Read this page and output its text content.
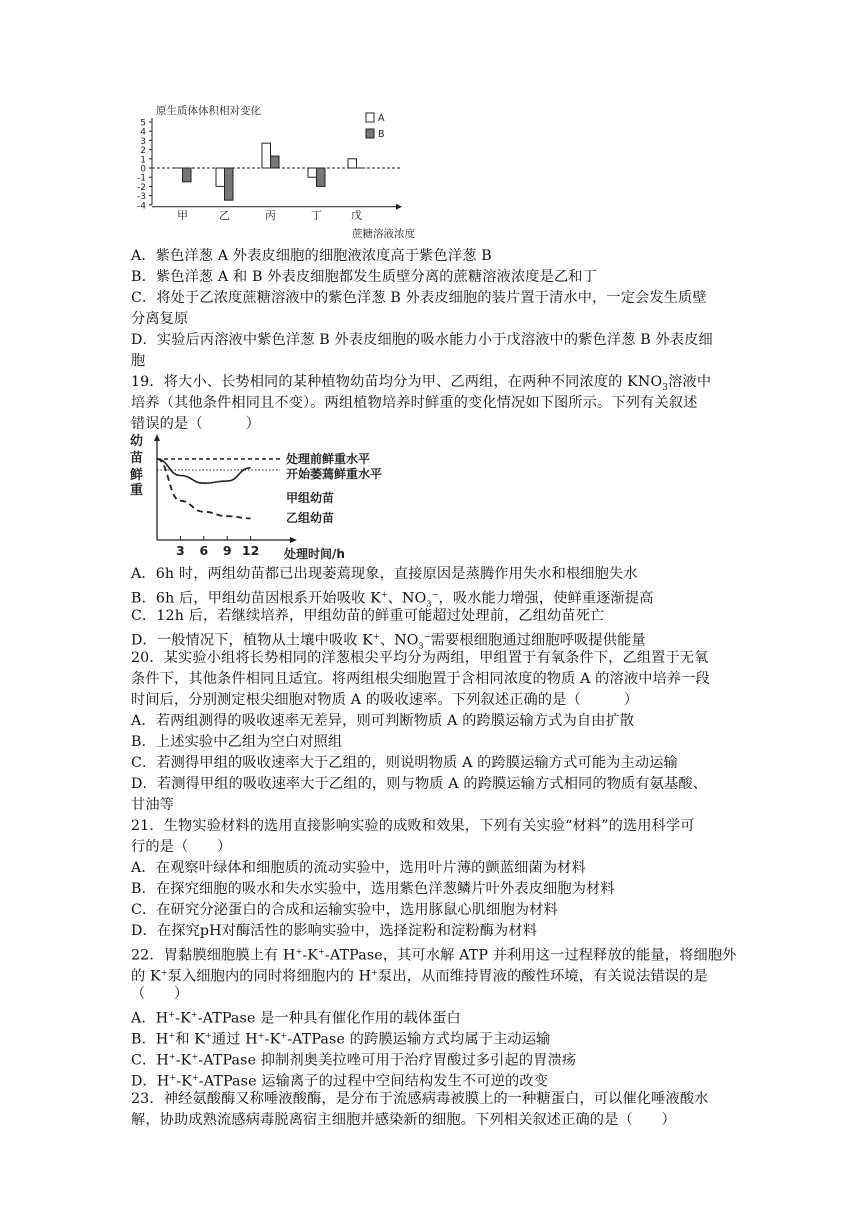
原生质体体积相对变化
5
4
3
2
1
0
-1
-2
-3
-4
蔗糖溶液浓度
甲	乙	丙	丁	戊
A
B
A．紫色洋葱 A 外表皮细胞的细胞液浓度高于紫色洋葱 B
B．紫色洋葱 A 和 B 外表皮细胞都发生质壁分离的蔗糖溶液浓度是乙和丁
C．将处于乙浓度蔗糖溶液中的紫色洋葱 B 外表皮细胞的装片置于清水中，一定会发生质壁
分离复原
D．实验后丙溶液中紫色洋葱 B 外表皮细胞的吸水能力小于戊溶液中的紫色洋葱 B 外表皮细
胞
19．将大小、长势相同的某种植物幼苗均分为甲、乙两组，在两种不同浓度的 $KNO_3$溶液中
培养（其他条件相同且不变）。两组植物培养时鲜重的变化情况如下图所示。下列有关叙述
错误的是（　　　）
幼
苗
鲜
重
3 6 9 12 处理时间/h
处理前鲜重水平
开始萎蔫鲜重水平
甲组幼苗
乙组幼苗
A．6h 时，两组幼苗都已出现萎蔫现象，直接原因是蒸腾作用失水和根细胞失水
B．6h 后，甲组幼苗因根系开始吸收 K+、$NO_3^-$，吸水能力增强，使鲜重逐渐提高
C．12h 后，若继续培养，甲组幼苗的鲜重可能超过处理前，乙组幼苗死亡
D．一般情况下，植物从土壤中吸收 K+、$NO_3^-$需要根细胞通过细胞呼吸提供能量
20．某实验小组将长势相同的洋葱根尖平均分为两组，甲组置于有氧条件下，乙组置于无氧
条件下，其他条件相同且适宜。将两组根尖细胞置于含相同浓度的物质 A 的溶液中培养一段
时间后，分别测定根尖细胞对物质 A 的吸收速率。下列叙述正确的是（　　　）
A．若两组测得的吸收速率无差异，则可判断物质 A 的跨膜运输方式为自由扩散
B．上述实验中乙组为空白对照组
C．若测得甲组的吸收速率大于乙组的，则说明物质 A 的跨膜运输方式可能为主动运输
D．若测得甲组的吸收速率大于乙组的，则与物质 A 的跨膜运输方式相同的物质有氨基酸、
甘油等
21．生物实验材料的选用直接影响实验的成败和效果，下列有关实验“材料”的选用科学可
行的是（　　）
A．在观察叶绿体和细胞质的流动实验中，选用叶片薄的颤蓝细菌为材料
B．在探究细胞的吸水和失水实验中，选用紫色洋葱鳞片叶外表皮细胞为材料
C．在研究分泌蛋白的合成和运输实验中，选用豚鼠心肌细胞为材料
D．在探究pH对酶活性的影响实验中，选择淀粉和淀粉酶为材料
22．胃黏膜细胞膜上有 H+-K+-ATPase，其可水解 ATP 并利用这一过程释放的能量，将细胞外
的 K+泵入细胞内的同时将细胞内的 H+泵出，从而维持胃液的酸性环境，有关说法错误的是
（　　）
A．H+-K+-ATPase 是一种具有催化作用的载体蛋白
B．H+和 K+通过 H+-K+-ATPase 的跨膜运输方式均属于主动运输
C．H+-K+-ATPase 抑制剂奥美拉唑可用于治疗胃酸过多引起的胃溃疡
D．H+-K+-ATPase 运输离子的过程中空间结构发生不可逆的改变
23．神经氨酸酶又称唾液酸酶，是分布于流感病毒被膜上的一种糖蛋白，可以催化唾液酸水
解，协助成熟流感病毒脱离宿主细胞并感染新的细胞。下列相关叙述正确的是（　　）
